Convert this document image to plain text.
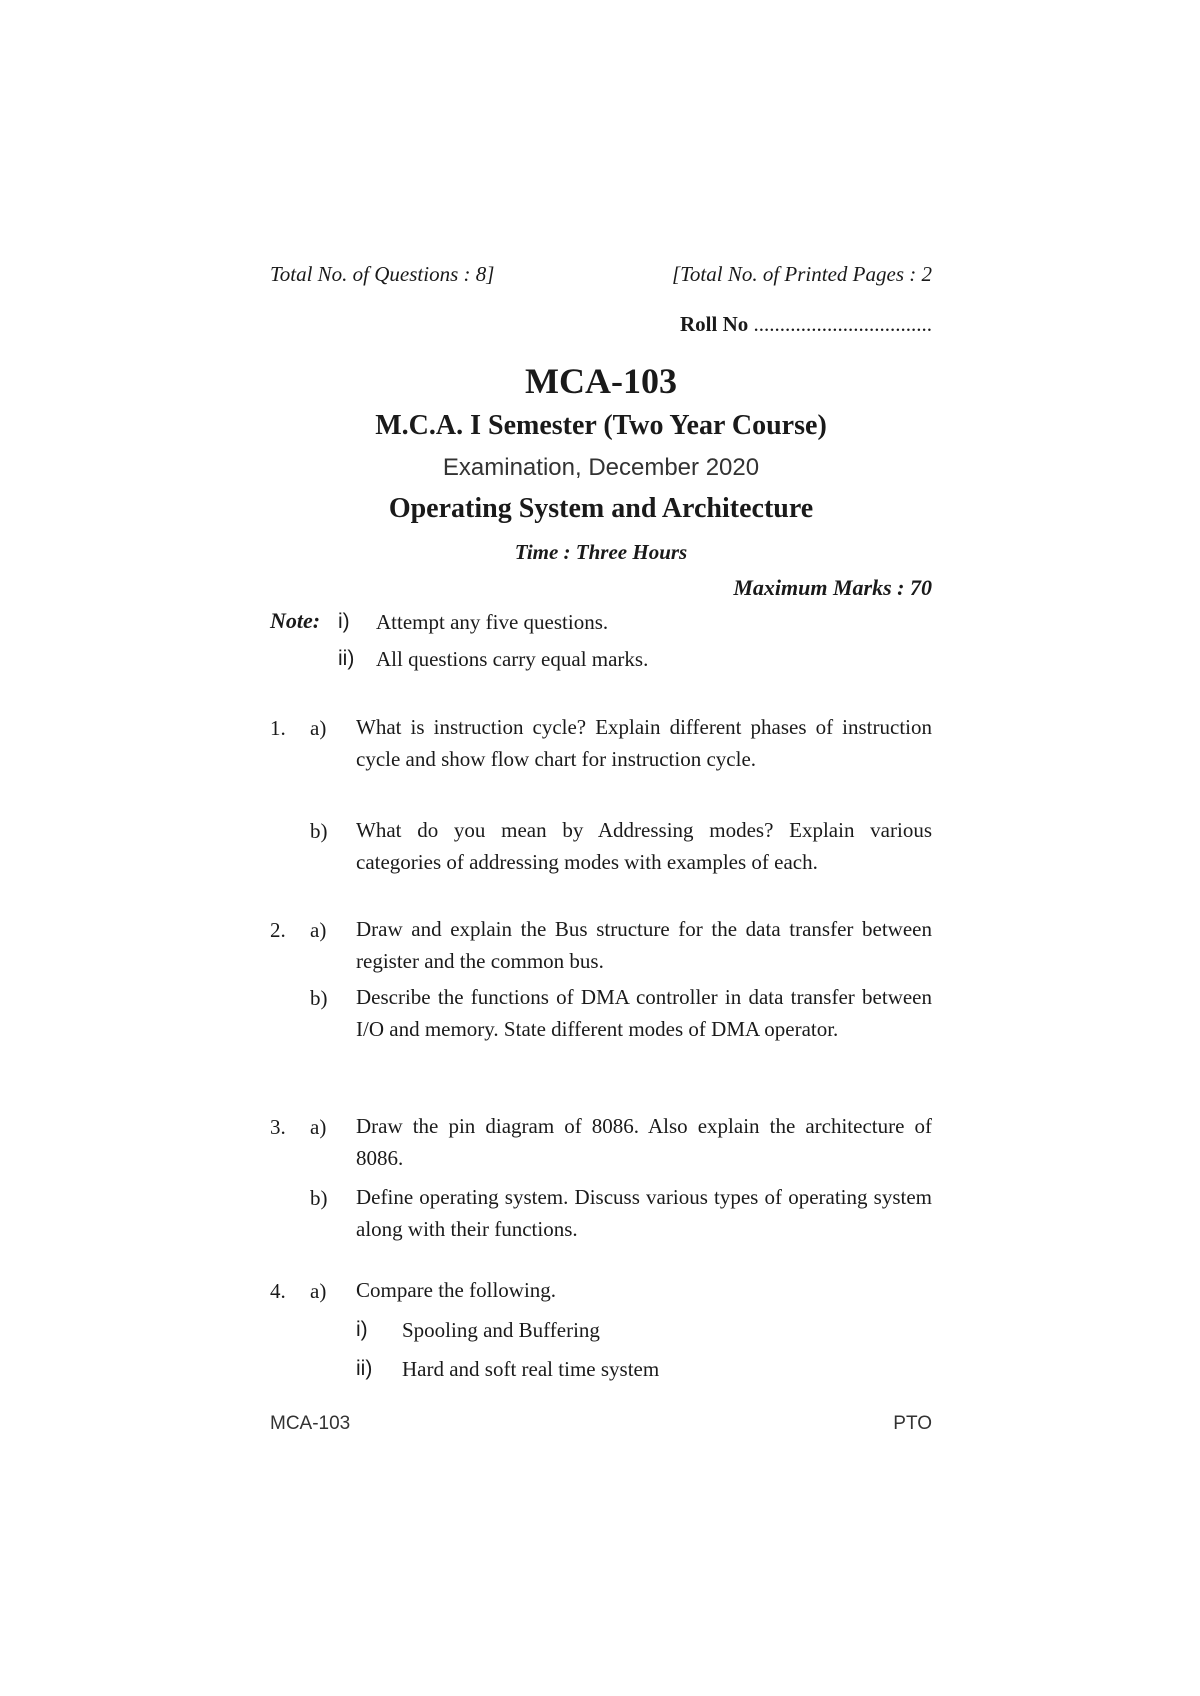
Total No. of Questions : 8]	[Total No. of Printed Pages : 2
Roll No ..................................
MCA-103
M.C.A. I Semester (Two Year Course)
Examination, December 2020
Operating System and Architecture
Time : Three Hours
Maximum Marks : 70
Note: i) Attempt any five questions.
ii) All questions carry equal marks.
1. a) What is instruction cycle? Explain different phases of instruction cycle and show flow chart for instruction cycle.
b) What do you mean by Addressing modes? Explain various categories of addressing modes with examples of each.
2. a) Draw and explain the Bus structure for the data transfer between register and the common bus.
b) Describe the functions of DMA controller in data transfer between I/O and memory. State different modes of DMA operator.
3. a) Draw the pin diagram of 8086. Also explain the architecture of 8086.
b) Define operating system. Discuss various types of operating system along with their functions.
4. a) Compare the following.
i) Spooling and Buffering
ii) Hard and soft real time system
MCA-103	PTO
